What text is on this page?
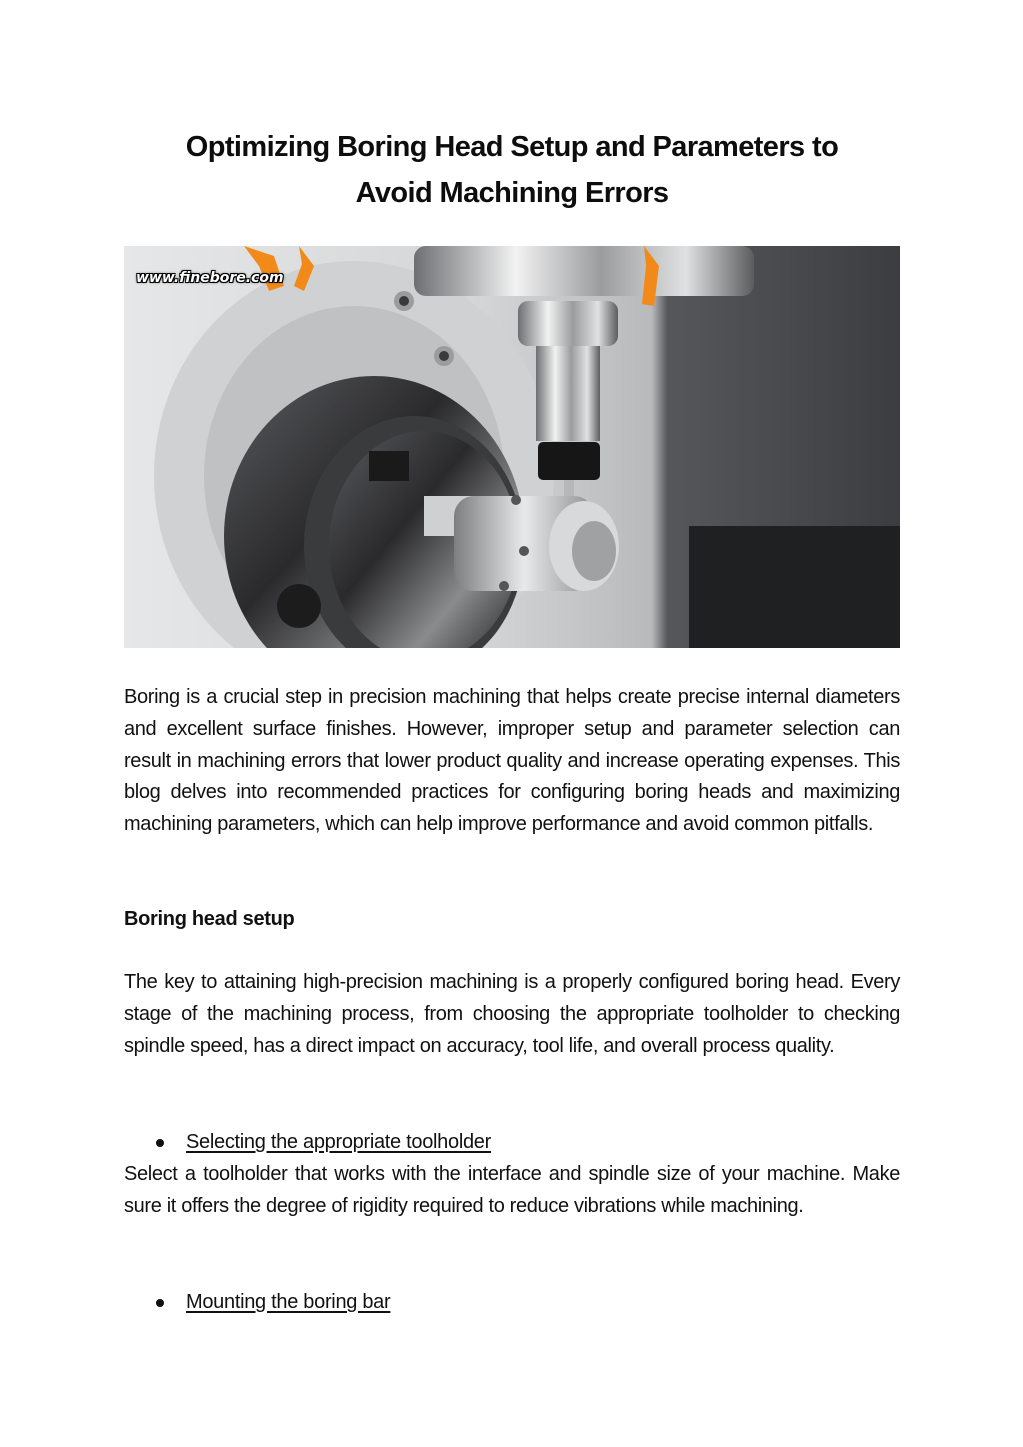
Optimizing Boring Head Setup and Parameters to
Avoid Machining Errors
www.finebore.com
Boring is a crucial step in precision machining that helps create precise internal diameters and excellent surface finishes. However, improper setup and parameter selection can result in machining errors that lower product quality and increase operating expenses. This blog delves into recommended practices for configuring boring heads and maximizing machining parameters, which can help improve performance and avoid common pitfalls.
Boring head setup
The key to attaining high-precision machining is a properly configured boring head. Every stage of the machining process, from choosing the appropriate toolholder to checking spindle speed, has a direct impact on accuracy, tool life, and overall process quality.
Selecting the appropriate toolholder
Select a toolholder that works with the interface and spindle size of your machine. Make sure it offers the degree of rigidity required to reduce vibrations while machining.
Mounting the boring bar
